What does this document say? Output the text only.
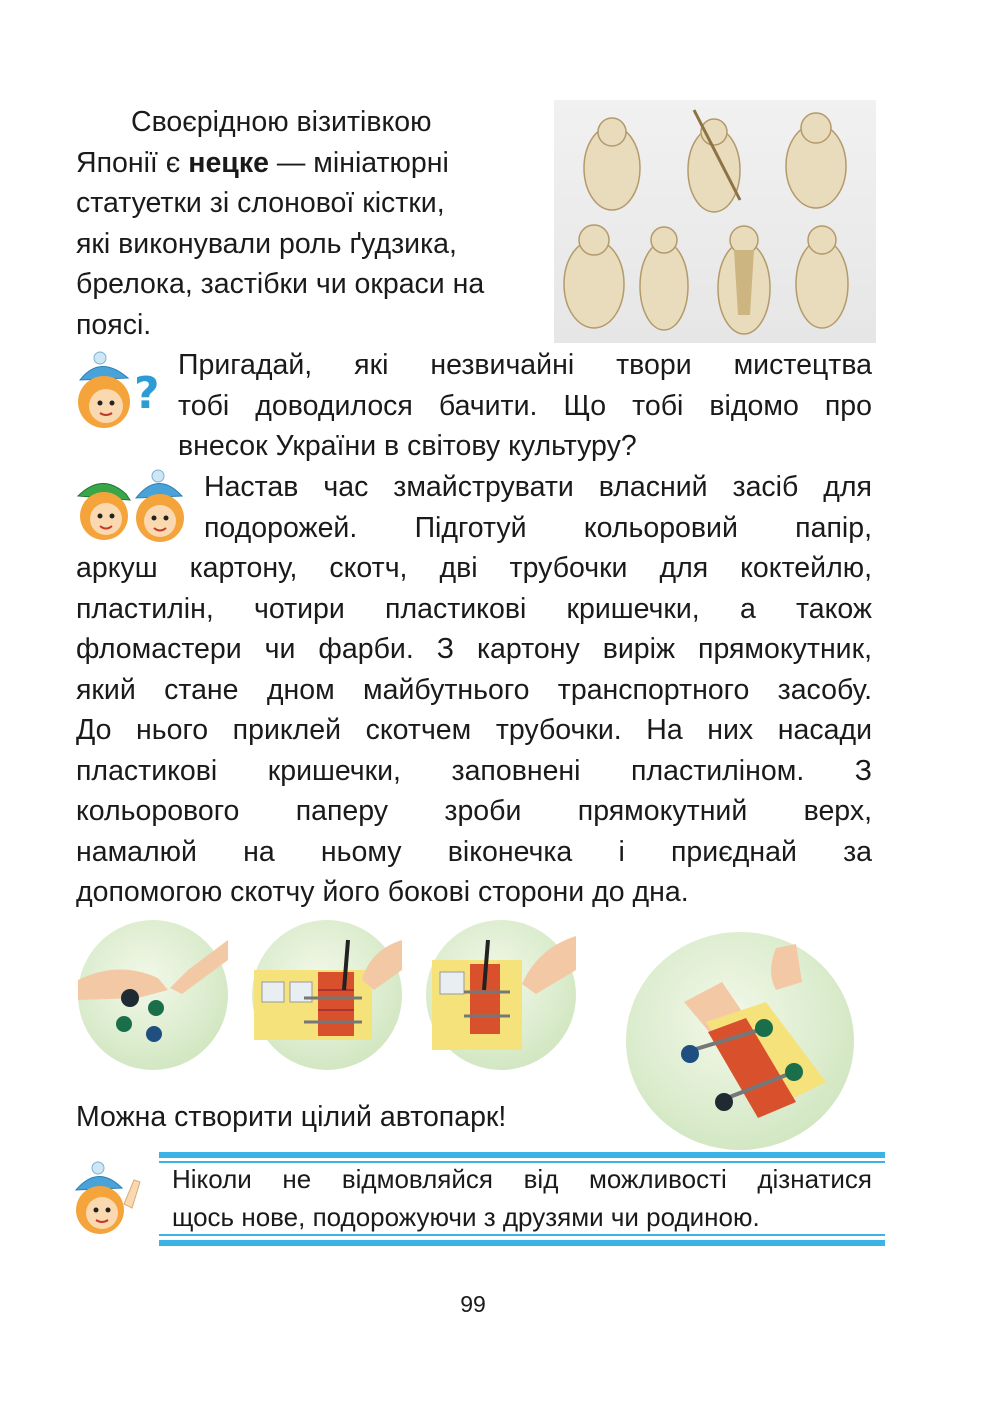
Своєрідною візитівкою
Японії є нецке — мініатюрні
статуетки зі слонової кістки,
які виконували роль ґудзика,
брелока, застібки чи окраси на
поясі.
?
Пригадай, які незвичайні твори мистецтва
тобі доводилося бачити. Що тобі відомо про
внесок України в світову культуру?
Настав час змайструвати власний засіб для
подорожей. Підготуй кольоровий папір,
аркуш картону, скотч, дві трубочки для коктейлю,
пластилін, чотири пластикові кришечки, а також
фломастери чи фарби. З картону виріж прямокутник,
який стане дном майбутнього транспортного засобу.
До нього приклей скотчем трубочки. На них насади
пластикові кришечки, заповнені пластиліном. З
кольорового паперу зроби прямокутний верх,
намалюй на ньому віконечка і приєднай за
допомогою скотчу його бокові сторони до дна.
Можна створити цілий автопарк!
Ніколи не відмовляйся від можливості дізнатися
щось нове, подорожуючи з друзями чи родиною.
99
